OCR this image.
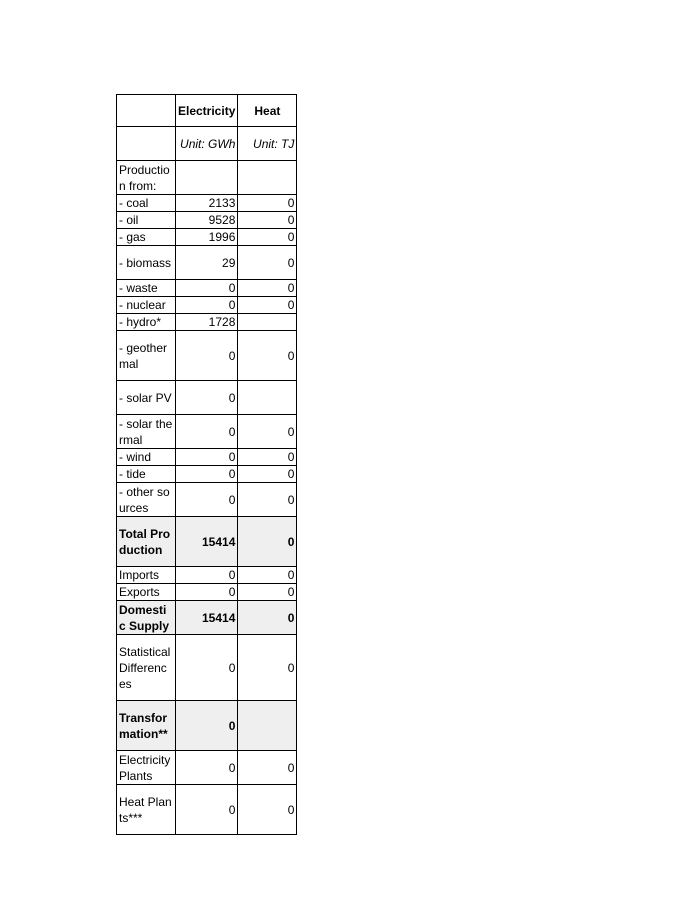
	Electricity	Heat
	Unit: GWh	Unit: TJ
Production from:		
- coal	2133	0
- oil	9528	0
- gas	1996	0
- biomass	29	0
- waste	0	0
- nuclear	0	0
- hydro*	1728	
- geothermal	0	0
- solar PV	0	
- solar thermal	0	0
- wind	0	0
- tide	0	0
- other sources	0	0
Total Production	15414	0
Imports	0	0
Exports	0	0
Domestic Supply	15414	0
Statistical Differences	0	0
Transformation**	0	
Electricity Plants	0	0
Heat Plants***	0	0
